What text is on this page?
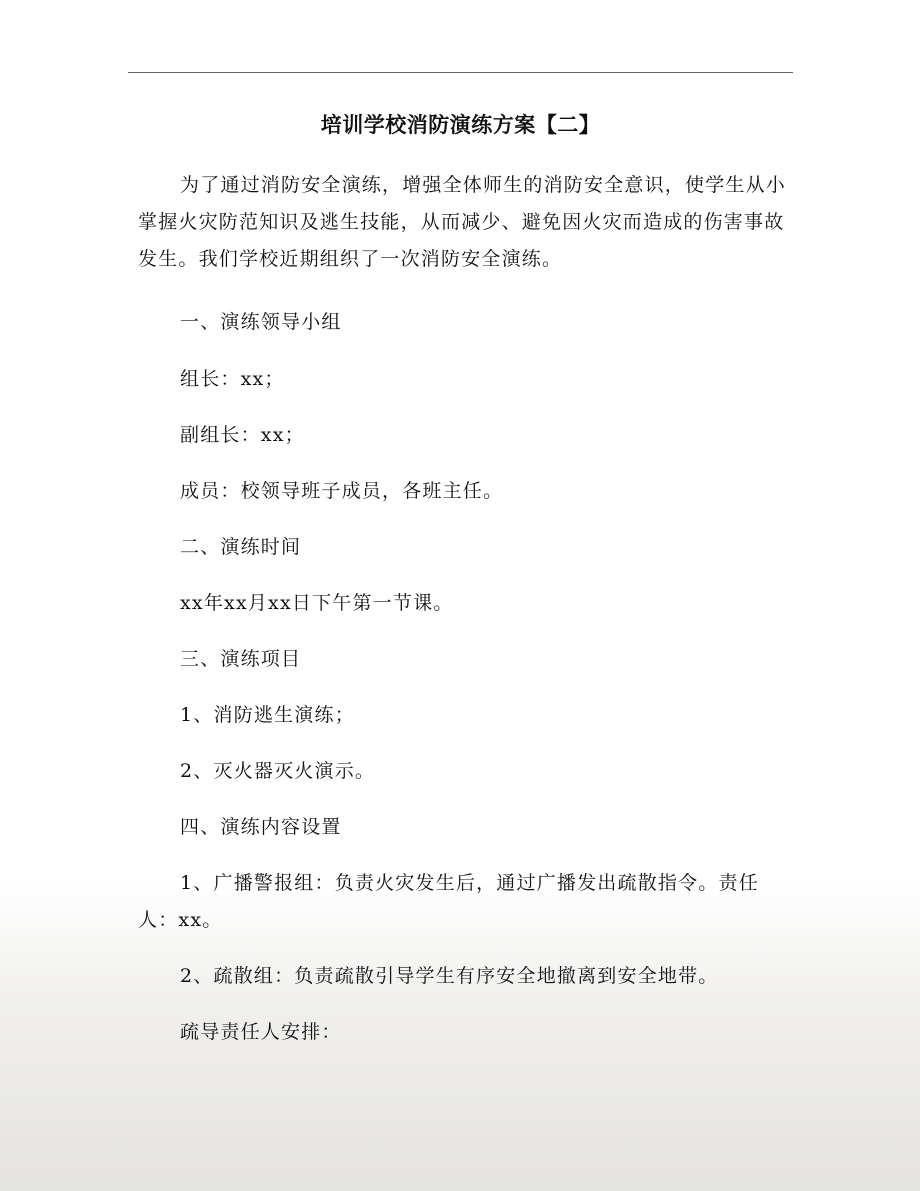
培训学校消防演练方案【二】

为了通过消防安全演练，增强全体师生的消防安全意识，使学生从小掌握火灾防范知识及逃生技能，从而减少、避免因火灾而造成的伤害事故发生。我们学校近期组织了一次消防安全演练。

一、演练领导小组

组长：xx；

副组长：xx；

成员：校领导班子成员，各班主任。

二、演练时间

xx年xx月xx日下午第一节课。

三、演练项目

1、消防逃生演练；

2、灭火器灭火演示。

四、演练内容设置

1、广播警报组：负责火灾发生后，通过广播发出疏散指令。责任人：xx。

2、疏散组：负责疏散引导学生有序安全地撤离到安全地带。

疏导责任人安排：
